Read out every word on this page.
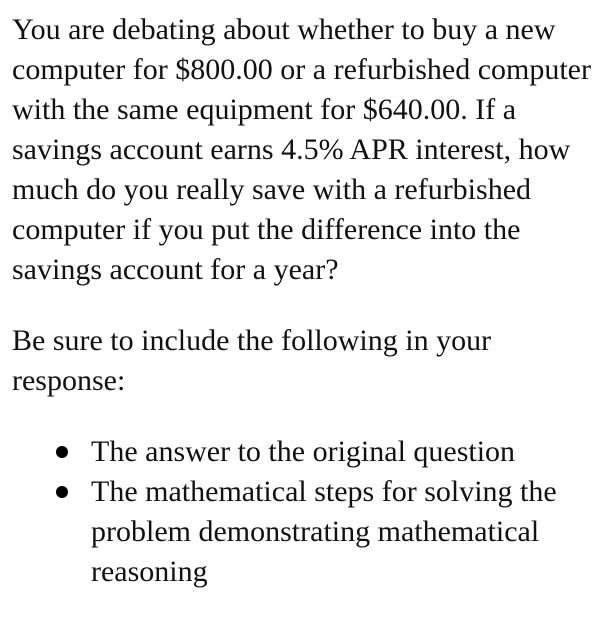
You are debating about whether to buy a new computer for $800.00 or a refurbished computer with the same equipment for $640.00. If a savings account earns 4.5% APR interest, how much do you really save with a refurbished computer if you put the difference into the savings account for a year?

Be sure to include the following in your response:

The answer to the original question
The mathematical steps for solving the problem demonstrating mathematical reasoning
